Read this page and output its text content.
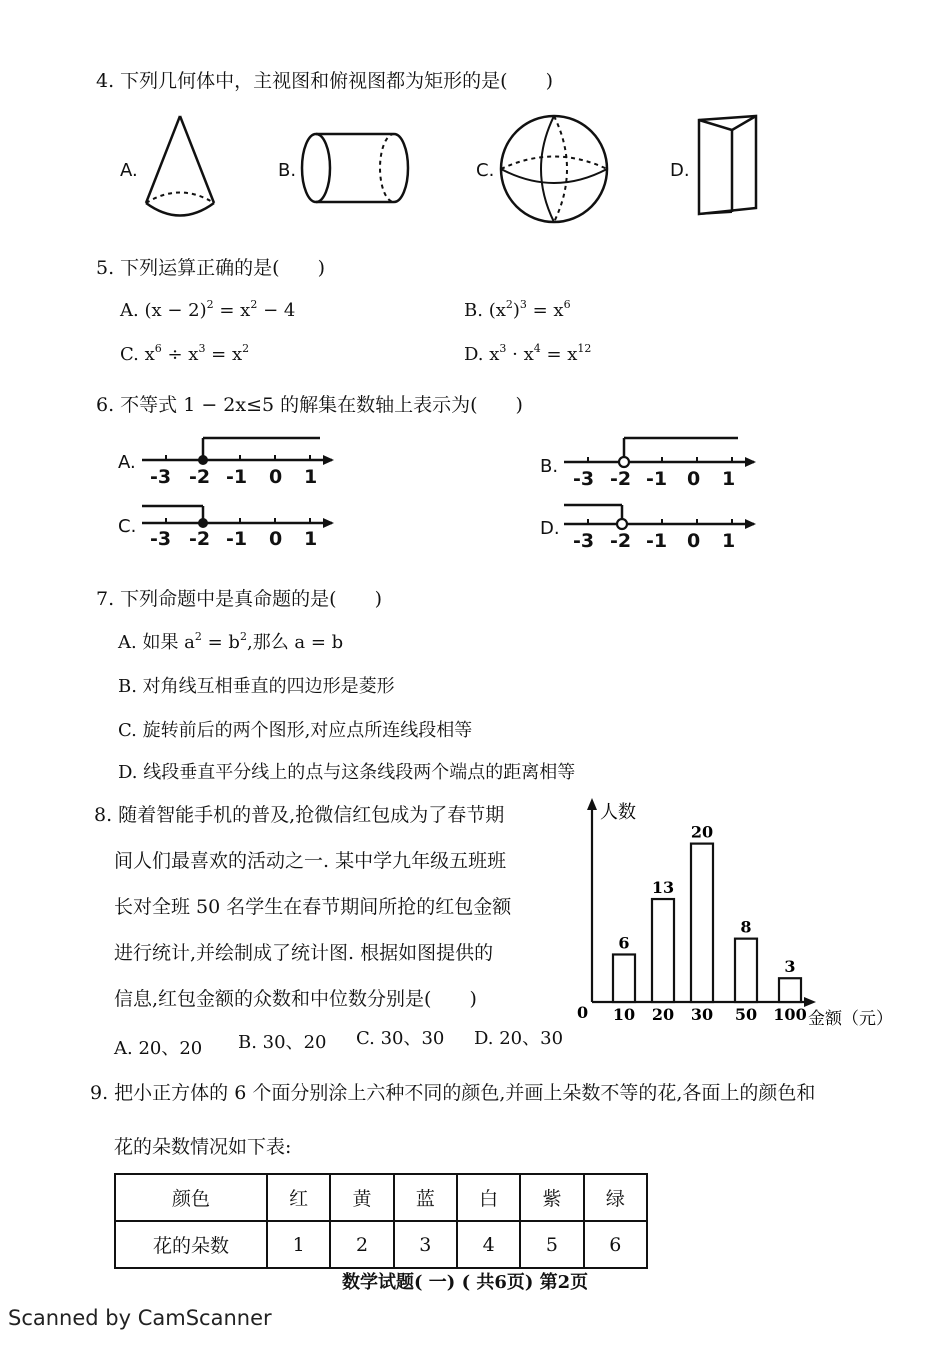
4. 下列几何体中，主视图和俯视图都为矩形的是(　　)
A.	B.	C.	D.
5. 下列运算正确的是(　　)
A. $(x - 2)^2 = x^2 - 4$	B. $(x^2)^3 = x^6$
C. $x^6 \div x^3 = x^2$	D. $x^3 \cdot x^4 = x^{12}$
6. 不等式 1 − 2x≤5 的解集在数轴上表示为(　　)
A.
-3 -2 -1 0 1	B.
-3 -2 -1 0 1
C.
-3 -2 -1 0 1	D.
-3 -2 -1 0 1
7. 下列命题中是真命题的是(　　)
A. 如果 $a^2 = b^2$,那么 a = b
B. 对角线互相垂直的四边形是菱形
C. 旋转前后的两个图形,对应点所连线段相等
D. 线段垂直平分线上的点与这条线段两个端点的距离相等
8. 随着智能手机的普及,抢微信红包成为了春节期
间人们最喜欢的活动之一. 某中学九年级五班班
长对全班 50 名学生在春节期间所抢的红包金额
进行统计,并绘制成了统计图. 根据如图提供的
信息,红包金额的众数和中位数分别是(　　)
A. 20、20 B. 30、20 C. 30、30 D. 20、30
人数
金额（元）
0
6
10
13
20
20
30
8
50
3
100
9. 把小正方体的 6 个面分别涂上六种不同的颜色,并画上朵数不等的花,各面上的颜色和
花的朵数情况如下表:
颜色	红	黄	蓝	白	紫	绿
花的朵数	1	2	3	4	5	6
数学试题( 一) ( 共6页) 第2页
Scanned by CamScanner
